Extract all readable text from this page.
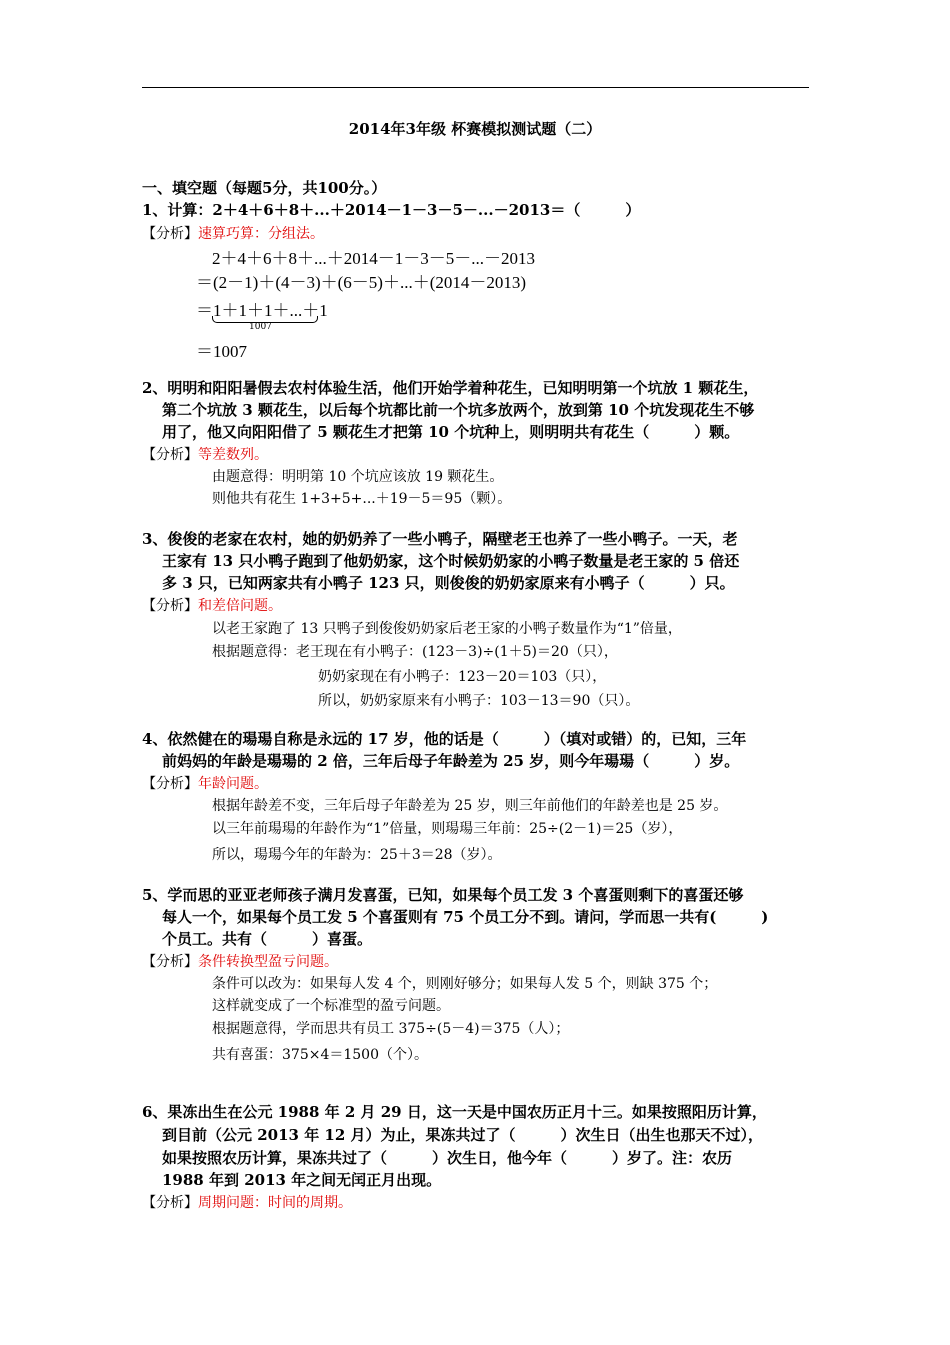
2014年3年级 杯赛模拟测试题（二）
一、填空题（每题5分，共100分。）
1、计算：2＋4＋6＋8＋...＋2014－1－3－5－...－2013＝（　　　）
【分析】速算巧算：分组法。
2＋4＋6＋8＋...＋2014－1－3－5－...－2013
＝(2－1)＋(4－3)＋(6－5)＋...＋(2014－2013)
＝1＋1＋1＋...＋1
1007
＝1007
2、明明和阳阳暑假去农村体验生活，他们开始学着种花生，已知明明第一个坑放 1 颗花生，
第二个坑放 3 颗花生，以后每个坑都比前一个坑多放两个，放到第 10 个坑发现花生不够
用了，他又向阳阳借了 5 颗花生才把第 10 个坑种上，则明明共有花生（　　　）颗。
【分析】等差数列。
由题意得：明明第 10 个坑应该放 19 颗花生。
则他共有花生 1+3+5+...＋19－5＝95（颗）。
3、俊俊的老家在农村，她的奶奶养了一些小鸭子，隔壁老王也养了一些小鸭子。一天，老
王家有 13 只小鸭子跑到了他奶奶家，这个时候奶奶家的小鸭子数量是老王家的 5 倍还
多 3 只，已知两家共有小鸭子 123 只，则俊俊的奶奶家原来有小鸭子（　　　）只。
【分析】和差倍问题。
以老王家跑了 13 只鸭子到俊俊奶奶家后老王家的小鸭子数量作为“1”倍量，
根据题意得：老王现在有小鸭子：(123－3)÷(1＋5)＝20（只），
奶奶家现在有小鸭子：123－20＝103（只），
所以，奶奶家原来有小鸭子：103－13＝90（只）。
4、依然健在的瑒瑒自称是永远的 17 岁，他的话是（　　　）（填对或错）的，已知，三年
前妈妈的年龄是瑒瑒的 2 倍，三年后母子年龄差为 25 岁，则今年瑒瑒（　　　）岁。
【分析】年龄问题。
根据年龄差不变，三年后母子年龄差为 25 岁，则三年前他们的年龄差也是 25 岁。
以三年前瑒瑒的年龄作为“1”倍量，则瑒瑒三年前：25÷(2－1)＝25（岁），
所以，瑒瑒今年的年龄为：25＋3＝28（岁）。
5、学而思的亚亚老师孩子满月发喜蛋，已知，如果每个员工发 3 个喜蛋则剩下的喜蛋还够
每人一个，如果每个员工发 5 个喜蛋则有 75 个员工分不到。请问，学而思一共有(　　　)
个员工。共有（　　　）喜蛋。
【分析】条件转换型盈亏问题。
条件可以改为：如果每人发 4 个，则刚好够分；如果每人发 5 个，则缺 375 个；
这样就变成了一个标准型的盈亏问题。
根据题意得，学而思共有员工 375÷(5－4)＝375（人）；
共有喜蛋：375×4＝1500（个）。
6、果冻出生在公元 1988 年 2 月 29 日，这一天是中国农历正月十三。如果按照阳历计算，
到目前（公元 2013 年 12 月）为止，果冻共过了（　　　）次生日（出生也那天不过），
如果按照农历计算，果冻共过了（　　　）次生日，他今年（　　　）岁了。注：农历
1988 年到 2013 年之间无闰正月出现。
【分析】周期问题：时间的周期。
